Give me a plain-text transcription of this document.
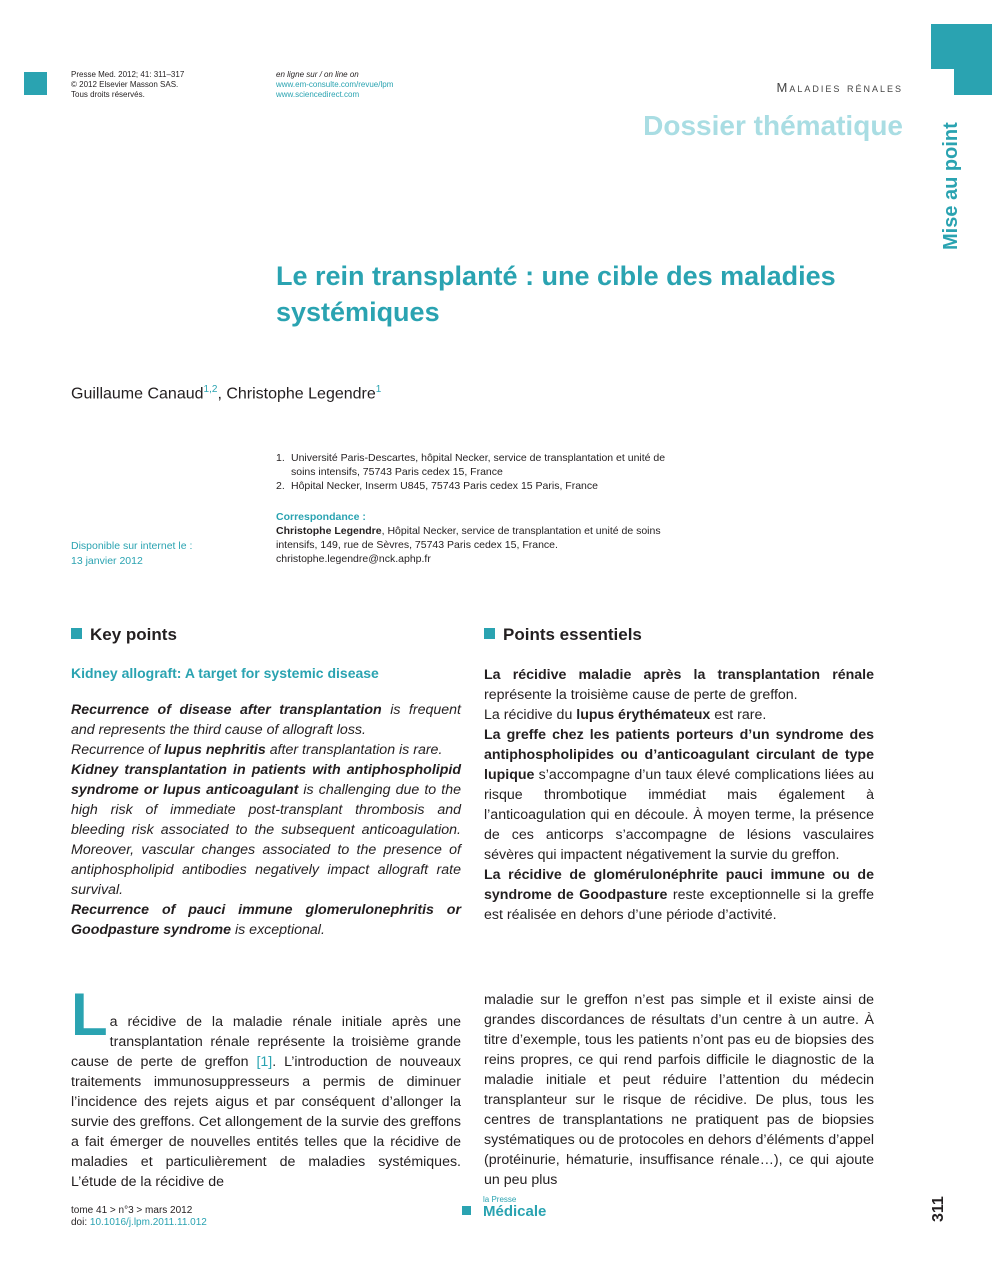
Presse Med. 2012; 41: 311–317
© 2012 Elsevier Masson SAS.
Tous droits réservés.
en ligne sur / on line on
www.em-consulte.com/revue/lpm
www.sciencedirect.com	Maladies rénales
Dossier thématique Mise au point
Le rein transplanté : une cible des maladies
systémiques
Guillaume Canaud$^{1,2}$, Christophe Legendre$^1$
1. Université Paris-Descartes, hôpital Necker, service de transplantation et unité de
soins intensifs, 75743 Paris cedex 15, France
2. Hôpital Necker, Inserm U845, 75743 Paris cedex 15 Paris, France
Disponible sur internet le :
13 janvier 2012
Correspondance :
Christophe Legendre, Hôpital Necker, service de transplantation et unité de soins
intensifs, 149, rue de Sèvres, 75743 Paris cedex 15, France.
christophe.legendre@nck.aphp.fr
Key points
Kidney allograft: A target for systemic disease

Recurrence of disease after transplantation is frequent and represents the third cause of allograft loss.

Recurrence of lupus nephritis after transplantation is rare.

Kidney transplantation in patients with antiphospholipid syndrome or lupus anticoagulant is challenging due to the high risk of immediate post-transplant thrombosis and bleeding risk associated to the subsequent anticoagulation. Moreover, vascular changes associated to the presence of antiphospholipid antibodies negatively impact allograft rate survival.

Recurrence of pauci immune glomerulonephritis or Goodpasture syndrome is exceptional.

Points essentiels

La récidive maladie après la transplantation rénale représente la troisième cause de perte de greffon.

La récidive du lupus érythémateux est rare.

La greffe chez les patients porteurs d’un syndrome des antiphospholipides ou d’anticoagulant circulant de type lupique s’accompagne d’un taux élevé complications liées au risque thrombotique immédiat mais également à l’anticoagulation qui en découle. À moyen terme, la présence de ces anticorps s’accompagne de lésions vasculaires sévères qui impactent négativement la survie du greffon.

La récidive de glomérulonéphrite pauci immune ou de syndrome de Goodpasture reste exceptionnelle si la greffe est réalisée en dehors d’une période d’activité.

L a récidive de la maladie rénale initiale après une transplantation rénale représente la troisième grande cause de perte de greffon [1]. L’introduction de nouveaux traitements immunosuppresseurs a permis de diminuer l’incidence des rejets aigus et par conséquent d’allonger la survie des greffons. Cet allongement de la survie des greffons a fait émerger de nouvelles entités telles que la récidive de maladies et particulièrement de maladies systémiques. L’étude de la récidive de

maladie sur le greffon n’est pas simple et il existe ainsi de grandes discordances de résultats d’un centre à un autre. À titre d’exemple, tous les patients n’ont pas eu de biopsies des reins propres, ce qui rend parfois difficile le diagnostic de la maladie initiale et peut réduire l’attention du médecin transplanteur sur le risque de récidive. De plus, tous les centres de transplantations ne pratiquent pas de biopsies systématiques ou de protocoles en dehors d’éléments d’appel (protéinurie, hématurie, insuffisance rénale…), ce qui ajoute un peu plus

tome 41 > n°3 > mars 2012
doi: 10.1016/j.lpm.2011.11.012
la Presse
Médicale	311
